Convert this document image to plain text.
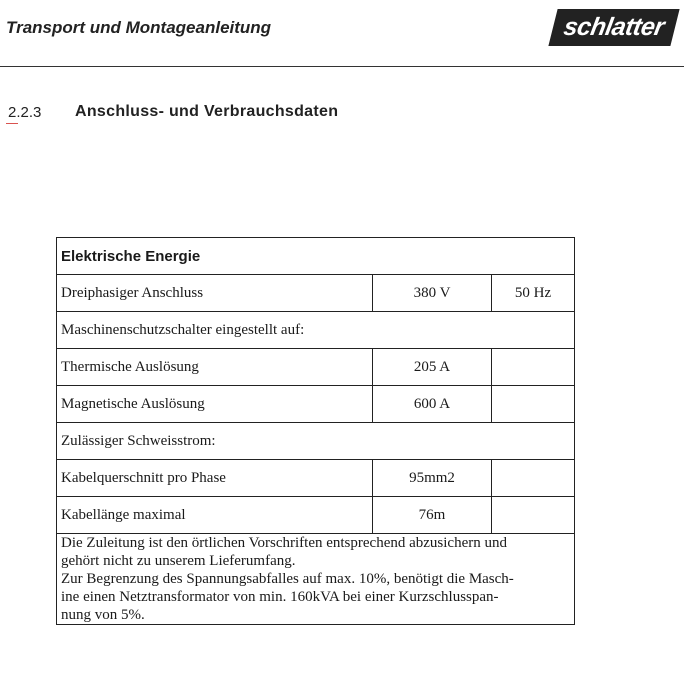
Transport und Montageanleitung	schlatter
2.2.3 Anschluss- und Verbrauchsdaten
Elektrische Energie		
Dreiphasiger Anschluss	380 V	50 Hz
Maschinenschutzschalter eingestellt auf:		
Thermische Auslösung	205 A	
Magnetische Auslösung	600 A	
Zulässiger Schweisstrom:		
Kabelquerschnitt pro Phase	95mm2	
Kabellänge maximal	76m	

Die Zuleitung ist den örtlichen Vorschriften entsprechend abzusichern und

gehört nicht zu unserem Lieferumfang.

Zur Begrenzung des Spannungsabfalles auf max. 10%, benötigt die Masch-

ine einen Netztransformator von min. 160kVA bei einer Kurzschlusspan-

nung von 5%.		
